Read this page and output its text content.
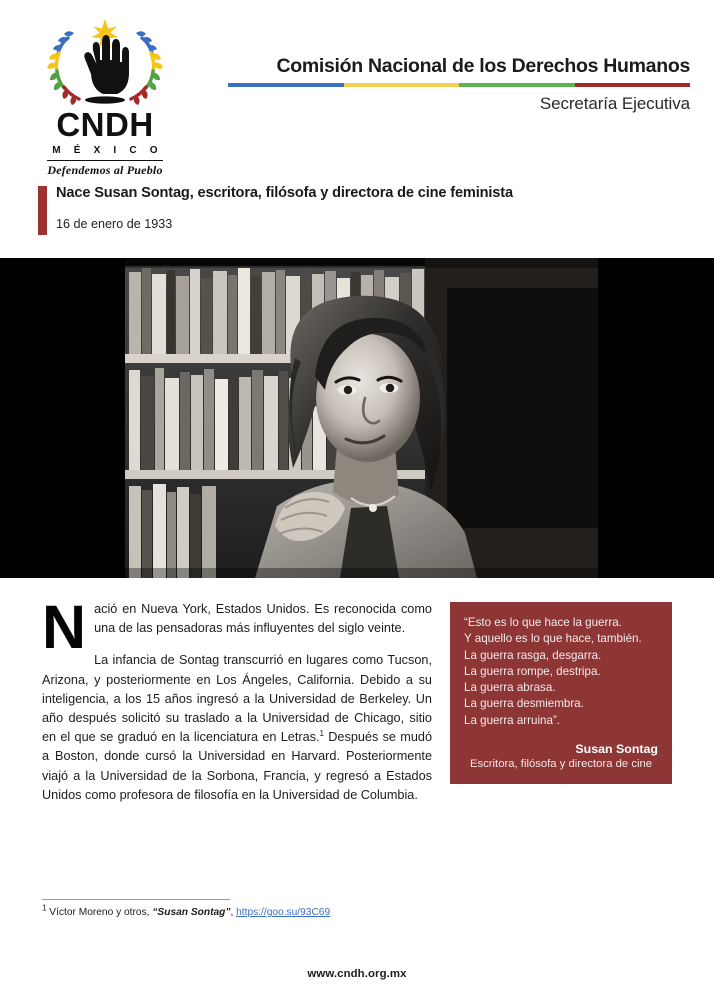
CNDH
M É X I C O
Defendemos al Pueblo
Comisión Nacional de los Derechos Humanos
Secretaría Ejecutiva
Nace Susan Sontag, escritora, filósofa y directora de cine feminista
16 de enero de 1933
“Esto es lo que hace la guerra.
Y aquello es lo que hace, también.
La guerra rasga, desgarra.
La guerra rompe, destripa.
La guerra abrasa.
La guerra desmiembra.
La guerra arruina”.
Susan Sontag
Escritora, filósofa y directora de cine

Nació en Nueva York, Estados Unidos. Es reconocida como una de las pensadoras más influyentes del siglo veinte.

La infancia de Sontag transcurrió en lugares como Tucson, Arizona, y posteriormente en Los Ángeles, California. Debido a su inteligencia, a los 15 años ingresó a la Universidad de Berkeley. Un año después solicitó su traslado a la Universidad de Chicago, sitio en el que se graduó en la licenciatura en Letras.$^1$ Después se mudó a Boston, donde cursó la Universidad en Harvard. Posteriormente viajó a la Universidad de la Sorbona, Francia, y regresó a Estados Unidos como profesora de filosofía en la Universidad de Columbia.

$^1$ Víctor Moreno y otros, “Susan Sontag”, https://goo.su/93C69
www.cndh.org.mx
